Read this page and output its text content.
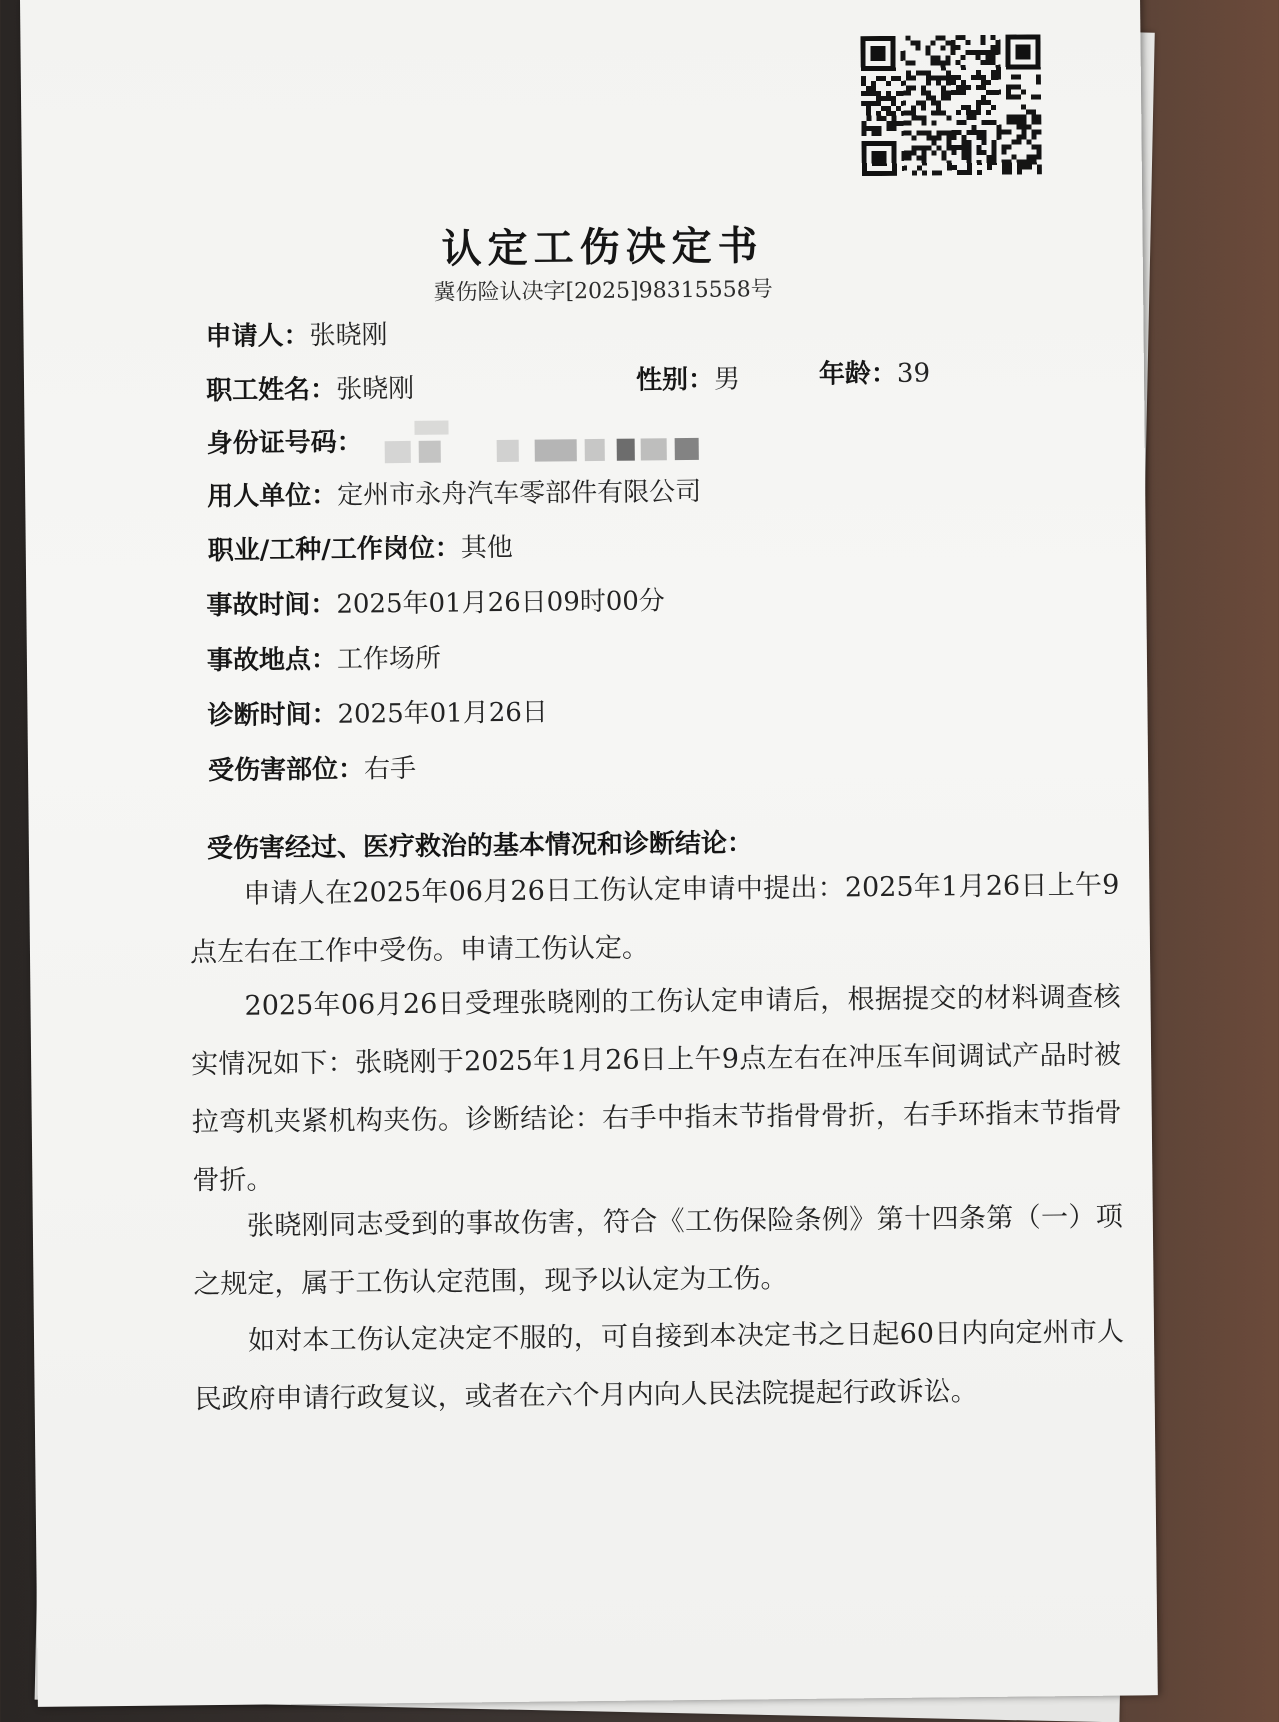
认定工伤决定书
冀伤险认决字[2025]98315558号
申请人：张晓刚
职工姓名：张晓刚	性别：男	年龄：39
身份证号码：
用人单位：定州市永舟汽车零部件有限公司
职业/工种/工作岗位：其他
事故时间：2025年01月26日09时00分
事故地点：工作场所
诊断时间：2025年01月26日
受伤害部位：右手
受伤害经过、医疗救治的基本情况和诊断结论：
申请人在2025年06月26日工伤认定申请中提出：2025年1月26日上午9点左右在工作中受伤。申请工伤认定。
2025年06月26日受理张晓刚的工伤认定申请后，根据提交的材料调查核实情况如下：张晓刚于2025年1月26日上午9点左右在冲压车间调试产品时被拉弯机夹紧机构夹伤。诊断结论：右手中指末节指骨骨折，右手环指末节指骨骨折。
张晓刚同志受到的事故伤害，符合《工伤保险条例》第十四条第（一）项之规定，属于工伤认定范围，现予以认定为工伤。
如对本工伤认定决定不服的，可自接到本决定书之日起60日内向定州市人民政府申请行政复议，或者在六个月内向人民法院提起行政诉讼。
